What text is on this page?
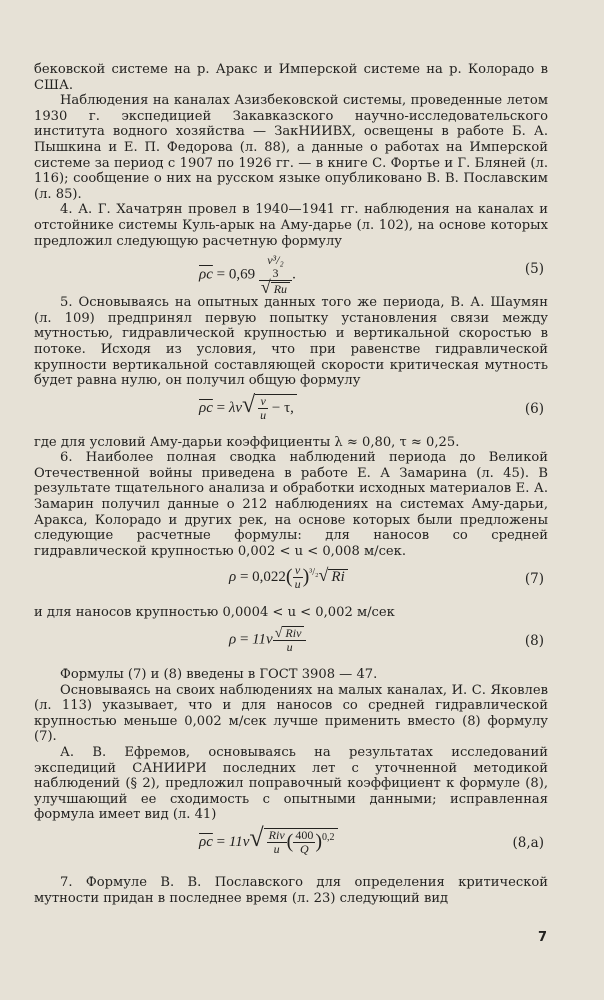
бековской системе на р. Аракс и Имперской системе на р. Колорадо в США.

Наблюдения на каналах Азизбековской системы, проведенные летом 1930 г. экспедицией Закавказского научно-исследовательского института водного хозяйства — ЗакНИИВХ, освещены в работе Б. А. Пышкина и Е. П. Федорова (л. 88), а данные о работах на Имперской системе за период с 1907 по 1926 гг. — в книге С. Фортье и Г. Бляней (л. 116); сообщение о них на русском языке опубликовано В. В. Пославским (л. 85).

4. А. Г. Хачатрян провел в 1940—1941 гг. наблюдения на каналах и отстойнике системы Куль-арык на Аму-дарье (л. 102), на основе которых предложил следующую расчетную формулу

$\overline{\rho c} = 0,69$
v³/₂
3
√ Ru
.	(5)

5. Основываясь на опытных данных того же периода, В. А. Шаумян (л. 109) предпринял первую попытку установления связи между мутностью, гидравлической крупностью и вертикальной скоростью в потоке. Исходя из условия, что при равенстве гидравлической крупности вертикальной составляющей скорости критическая мутность будет равна нулю, он получил общую формулу

$\overline{\rho c} = \lambda v√ \frac{v}{u} - \tau$,	(6)

где для условий Аму-дарьи коэффициенты λ ≈ 0,80, τ ≈ 0,25.

6. Наиболее полная сводка наблюдений периода до Великой Отечественной войны приведена в работе Е. А Замарина (л. 45). В результате тщательного анализа и обработки исходных материалов Е. А. Замарин получил данные о 212 наблюдениях на системах Аму-дарьи, Аракса, Колорадо и других рек, на основе которых были предложены следующие расчетные формулы: для наносов со средней гидравлической крупностью 0,002 < u < 0,008 м/сек.

$\rho = 0,022( \frac{v}{u} )^{^3/_2}√$ Ri	(7)

и для наносов крупностью 0,0004 < u < 0,002 м/сек

$\rho = 11v \frac{\text{√ Riv}}{u}$	(8)

Формулы (7) и (8) введены в ГОСТ 3908 — 47.

Основываясь на своих наблюдениях на малых каналах, И. С. Яковлев (л. 113) указывает, что и для наносов со средней гидравлической крупностью меньше 0,002 м/сек лучше применить вместо (8) формулу (7).

А. В. Ефремов, основываясь на результатах исследований экспедиций САНИИРИ последних лет с уточненной методикой наблюдений (§ 2), предложил поправочный коэффициент к формуле (8), улучшающий ее сходимость с опытными данными; исправленная формула имеет вид (л. 41)

$\overline{\rho c} = 11v√ \frac{\text{Riv}}{u}$ ( $\frac{400}{Q} )^{0,2}$	(8,а)

7. Формуле В. В. Пославского для определения критической мутности придан в последнее время (л. 23) следующий вид

7
